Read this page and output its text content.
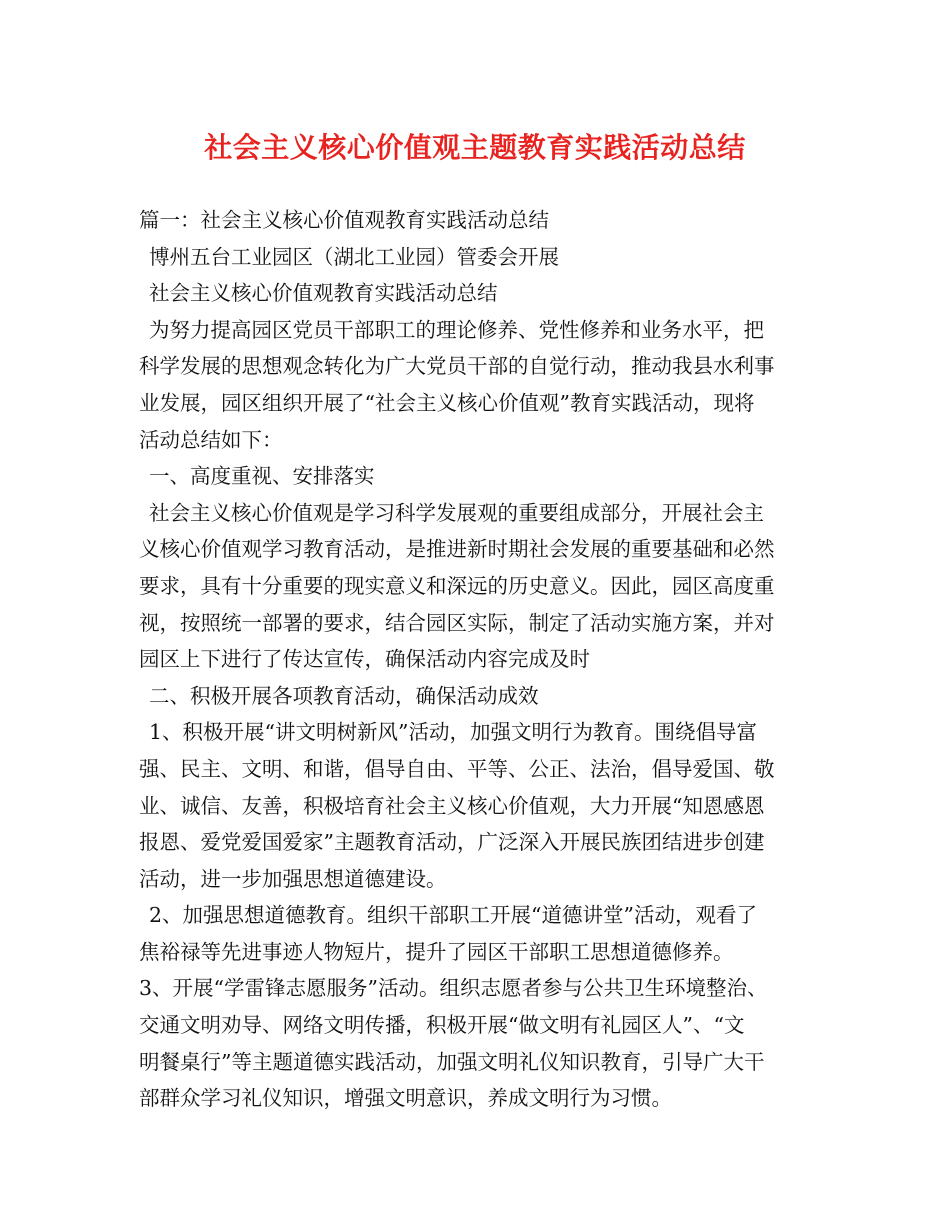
社会主义核心价值观主题教育实践活动总结
篇一：社会主义核心价值观教育实践活动总结
博州五台工业园区（湖北工业园）管委会开展
社会主义核心价值观教育实践活动总结
为努力提高园区党员干部职工的理论修养、党性修养和业务水平，把
科学发展的思想观念转化为广大党员干部的自觉行动，推动我县水利事
业发展，园区组织开展了“社会主义核心价值观”教育实践活动，现将
活动总结如下：
一、高度重视、安排落实
社会主义核心价值观是学习科学发展观的重要组成部分，开展社会主
义核心价值观学习教育活动，是推进新时期社会发展的重要基础和必然
要求，具有十分重要的现实意义和深远的历史意义。因此，园区高度重
视，按照统一部署的要求，结合园区实际，制定了活动实施方案，并对
园区上下进行了传达宣传，确保活动内容完成及时
二、积极开展各项教育活动，确保活动成效
1、积极开展“讲文明树新风”活动，加强文明行为教育。围绕倡导富
强、民主、文明、和谐，倡导自由、平等、公正、法治，倡导爱国、敬
业、诚信、友善，积极培育社会主义核心价值观，大力开展“知恩感恩
报恩、爱党爱国爱家”主题教育活动，广泛深入开展民族团结进步创建
活动，进一步加强思想道德建设。
2、加强思想道德教育。组织干部职工开展“道德讲堂”活动，观看了
焦裕禄等先进事迹人物短片，提升了园区干部职工思想道德修养。
3、开展“学雷锋志愿服务”活动。组织志愿者参与公共卫生环境整治、
交通文明劝导、网络文明传播，积极开展“做文明有礼园区人”、“文
明餐桌行”等主题道德实践活动，加强文明礼仪知识教育，引导广大干
部群众学习礼仪知识，增强文明意识，养成文明行为习惯。
